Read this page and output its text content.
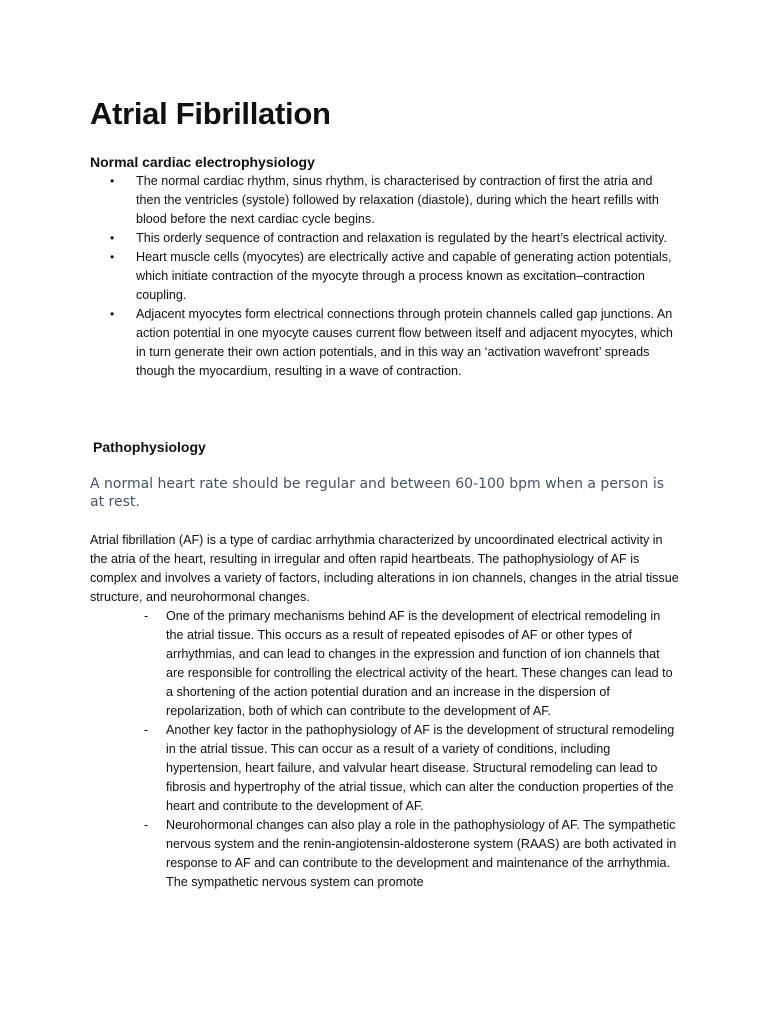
Atrial Fibrillation
Normal cardiac electrophysiology
• The normal cardiac rhythm, sinus rhythm, is characterised by contraction of first the atria and then the ventricles (systole) followed by relaxation (diastole), during which the heart refills with blood before the next cardiac cycle begins.
• This orderly sequence of contraction and relaxation is regulated by the heart’s electrical activity.
• Heart muscle cells (myocytes) are electrically active and capable of generating action potentials, which initiate contraction of the myocyte through a process known as excitation–contraction coupling.
• Adjacent myocytes form electrical connections through protein channels called gap junctions. An action potential in one myocyte causes current flow between itself and adjacent myocytes, which in turn generate their own action potentials, and in this way an ‘activation wavefront’ spreads though the myocardium, resulting in a wave of contraction.
Pathophysiology

A normal heart rate should be regular and between 60-100 bpm when a person is at rest.

Atrial fibrillation (AF) is a type of cardiac arrhythmia characterized by uncoordinated electrical activity in the atria of the heart, resulting in irregular and often rapid heartbeats. The pathophysiology of AF is complex and involves a variety of factors, including alterations in ion channels, changes in the atrial tissue structure, and neurohormonal changes.

- One of the primary mechanisms behind AF is the development of electrical remodeling in the atrial tissue. This occurs as a result of repeated episodes of AF or other types of arrhythmias, and can lead to changes in the expression and function of ion channels that are responsible for controlling the electrical activity of the heart. These changes can lead to a shortening of the action potential duration and an increase in the dispersion of repolarization, both of which can contribute to the development of AF.
- Another key factor in the pathophysiology of AF is the development of structural remodeling in the atrial tissue. This can occur as a result of a variety of conditions, including hypertension, heart failure, and valvular heart disease. Structural remodeling can lead to fibrosis and hypertrophy of the atrial tissue, which can alter the conduction properties of the heart and contribute to the development of AF.
- Neurohormonal changes can also play a role in the pathophysiology of AF. The sympathetic nervous system and the renin-angiotensin-aldosterone system (RAAS) are both activated in response to AF and can contribute to the development and maintenance of the arrhythmia. The sympathetic nervous system can promote
